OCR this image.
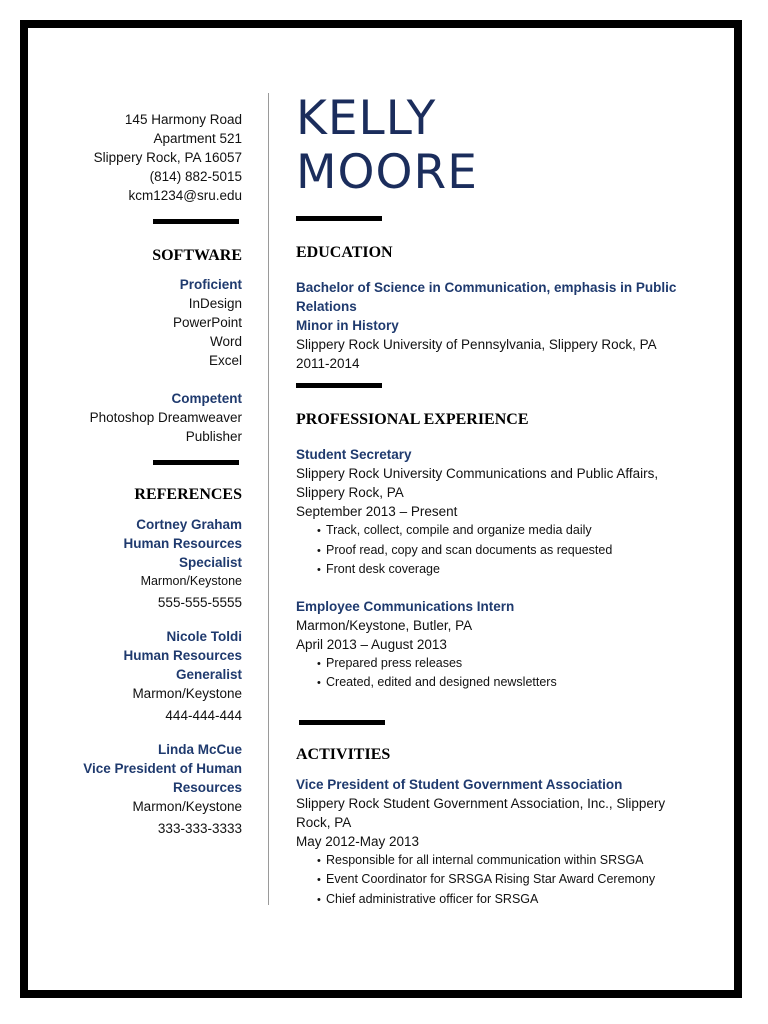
145 Harmony Road
Apartment 521
Slippery Rock, PA 16057
(814) 882-5015
kcm1234@sru.edu
SOFTWARE
Proficient
InDesign
PowerPoint
Word
Excel
Competent
Photoshop Dreamweaver
Publisher
REFERENCES
Cortney Graham
Human Resources
Specialist
Marmon/Keystone
555-555-5555
Nicole Toldi
Human Resources
Generalist
Marmon/Keystone
444-444-444
Linda McCue
Vice President of Human
Resources
Marmon/Keystone
333-333-3333
KELLY
MOORE
EDUCATION
Bachelor of Science in Communication, emphasis in Public Relations
Minor in History
Slippery Rock University of Pennsylvania, Slippery Rock, PA
2011-2014
PROFESSIONAL EXPERIENCE
Student Secretary
Slippery Rock University Communications and Public Affairs, Slippery Rock, PA
September 2013 – Present
• Track, collect, compile and organize media daily
• Proof read, copy and scan documents as requested
• Front desk coverage
Employee Communications Intern
Marmon/Keystone, Butler, PA
April 2013 – August 2013
• Prepared press releases
• Created, edited and designed newsletters
ACTIVITIES
Vice President of Student Government Association
Slippery Rock Student Government Association, Inc., Slippery Rock, PA
May 2012-May 2013
• Responsible for all internal communication within SRSGA
• Event Coordinator for SRSGA Rising Star Award Ceremony
• Chief administrative officer for SRSGA
